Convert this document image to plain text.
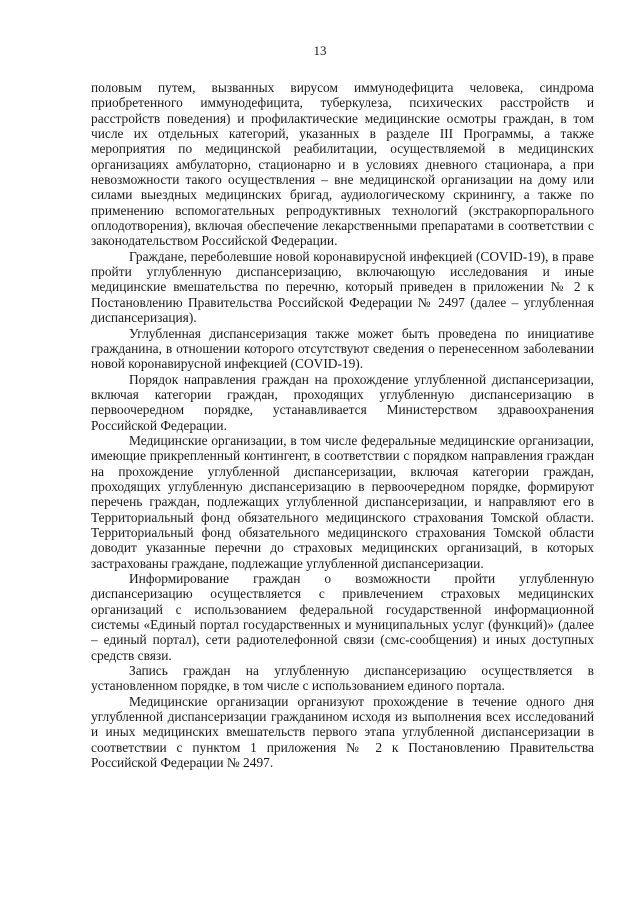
13

половым путем, вызванных вирусом иммунодефицита человека, синдрома приобретенного иммунодефицита, туберкулеза, психических расстройств и расстройств поведения) и профилактические медицинские осмотры граждан, в том числе их отдельных категорий, указанных в разделе III Программы, а также мероприятия по медицинской реабилитации, осуществляемой в медицинских организациях амбулаторно, стационарно и в условиях дневного стационара, а при невозможности такого осуществления – вне медицинской организации на дому или силами выездных медицинских бригад, аудиологическому скринингу, а также по применению вспомогательных репродуктивных технологий (экстракорпорального оплодотворения), включая обеспечение лекарственными препаратами в соответствии с законодательством Российской Федерации.

Граждане, переболевшие новой коронавирусной инфекцией (COVID-19), в праве пройти углубленную диспансеризацию, включающую исследования и иные медицинские вмешательства по перечню, который приведен в приложении № 2 к Постановлению Правительства Российской Федерации № 2497 (далее – углубленная диспансеризация).

Углубленная диспансеризация также может быть проведена по инициативе гражданина, в отношении которого отсутствуют сведения о перенесенном заболевании новой коронавирусной инфекцией (COVID-19).

Порядок направления граждан на прохождение углубленной диспансеризации, включая категории граждан, проходящих углубленную диспансеризацию в первоочередном порядке, устанавливается Министерством здравоохранения Российской Федерации.

Медицинские организации, в том числе федеральные медицинские организации, имеющие прикрепленный контингент, в соответствии с порядком направления граждан на прохождение углубленной диспансеризации, включая категории граждан, проходящих углубленную диспансеризацию в первоочередном порядке, формируют перечень граждан, подлежащих углубленной диспансеризации, и направляют его в Территориальный фонд обязательного медицинского страхования Томской области. Территориальный фонд обязательного медицинского страхования Томской области доводит указанные перечни до страховых медицинских организаций, в которых застрахованы граждане, подлежащие углубленной диспансеризации.

Информирование граждан о возможности пройти углубленную диспансеризацию осуществляется с привлечением страховых медицинских организаций с использованием федеральной государственной информационной системы «Единый портал государственных и муниципальных услуг (функций)» (далее – единый портал), сети радиотелефонной связи (смс-сообщения) и иных доступных средств связи.

Запись граждан на углубленную диспансеризацию осуществляется в установленном порядке, в том числе с использованием единого портала.

Медицинские организации организуют прохождение в течение одного дня углубленной диспансеризации гражданином исходя из выполнения всех исследований и иных медицинских вмешательств первого этапа углубленной диспансеризации в соответствии с пунктом 1 приложения № 2 к Постановлению Правительства Российской Федерации № 2497.
